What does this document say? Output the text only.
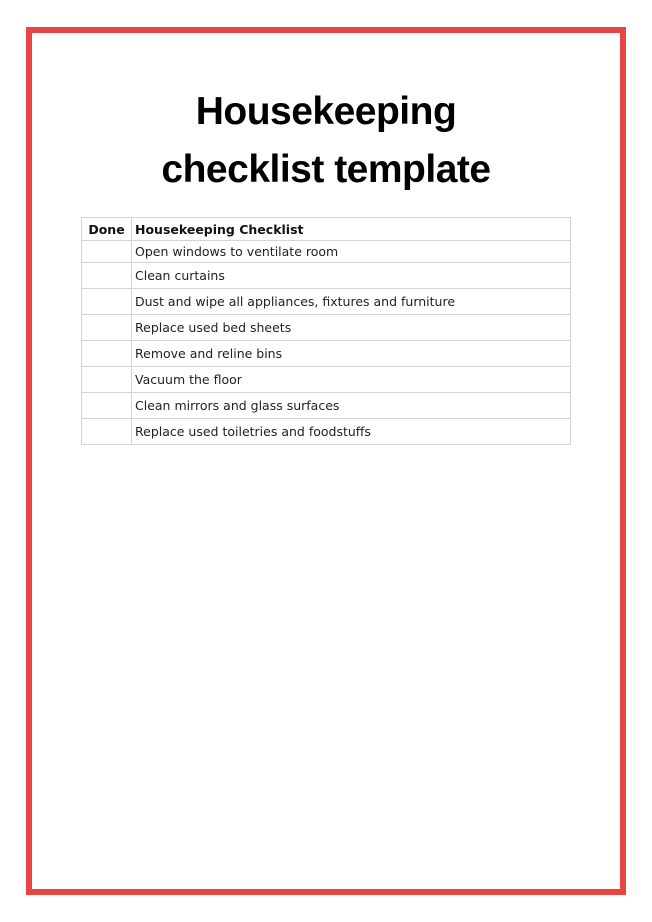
Housekeeping
checklist template
Done	Housekeeping Checklist
	Open windows to ventilate room
	Clean curtains
	Dust and wipe all appliances, fixtures and furniture
	Replace used bed sheets
	Remove and reline bins
	Vacuum the floor
	Clean mirrors and glass surfaces
	Replace used toiletries and foodstuffs
